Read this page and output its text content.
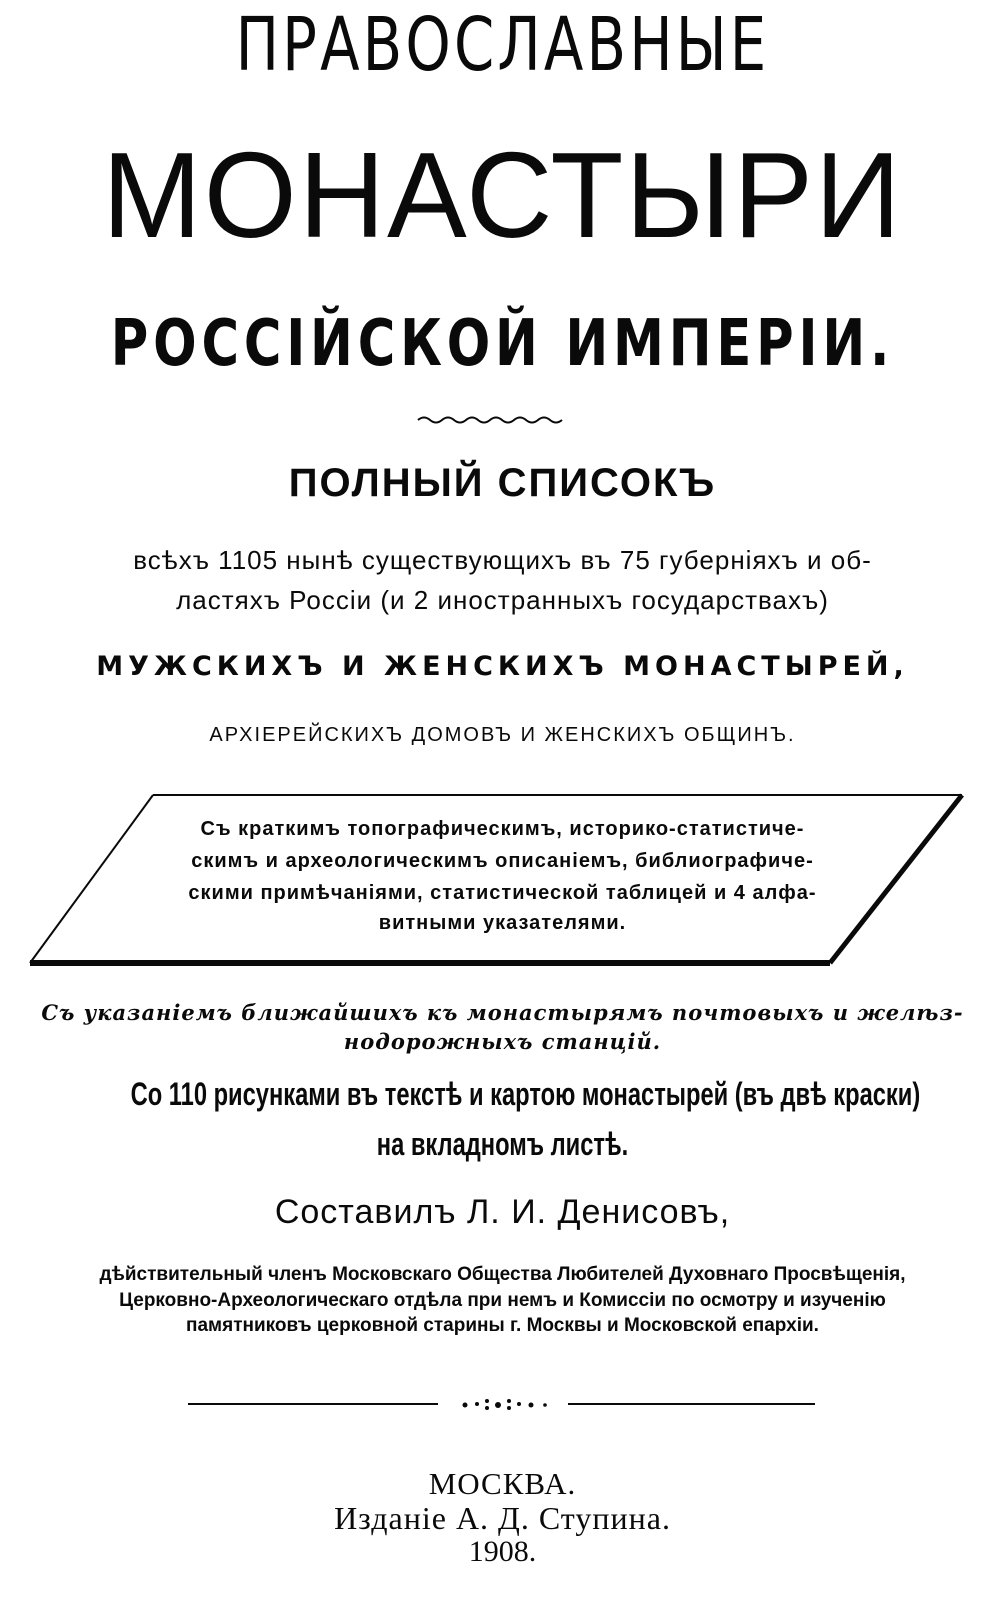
ПРАВОСЛАВНЫЕ
МОНАСТЫРИ
РОССІЙСКОЙ ИМПЕРІИ.
ПОЛНЫЙ СПИСОКЪ
всѣхъ 1105 нынѣ существующихъ въ 75 губерніяхъ и об-
ластяхъ Россіи (и 2 иностранныхъ государствахъ)
МУЖСКИХЪ И ЖЕНСКИХЪ МОНАСТЫРЕЙ,
АРХІЕРЕЙСКИХЪ ДОМОВЪ И ЖЕНСКИХЪ ОБЩИНЪ.
Съ краткимъ топографическимъ, историко-статистиче-
скимъ и археологическимъ описаніемъ, библиографиче-
скими примѣчаніями, статистической таблицей и 4 алфа-
витными указателями.
Съ указаніемъ ближайшихъ къ монастырямъ почтовыхъ и желѣз-
нодорожныхъ станцій.
Со 110 рисунками въ текстѣ и картою монастырей (въ двѣ краски)
на вкладномъ листѣ.
Составилъ Л. И. Денисовъ,
дѣйствительный членъ Московскаго Общества Любителей Духовнаго Просвѣщенія,
Церковно-Археологическаго отдѣла при немъ и Комиссіи по осмотру и изученію
памятниковъ церковной старины г. Москвы и Московской епархіи.
МОСКВА.
Изданіе А. Д. Ступина.
1908.
